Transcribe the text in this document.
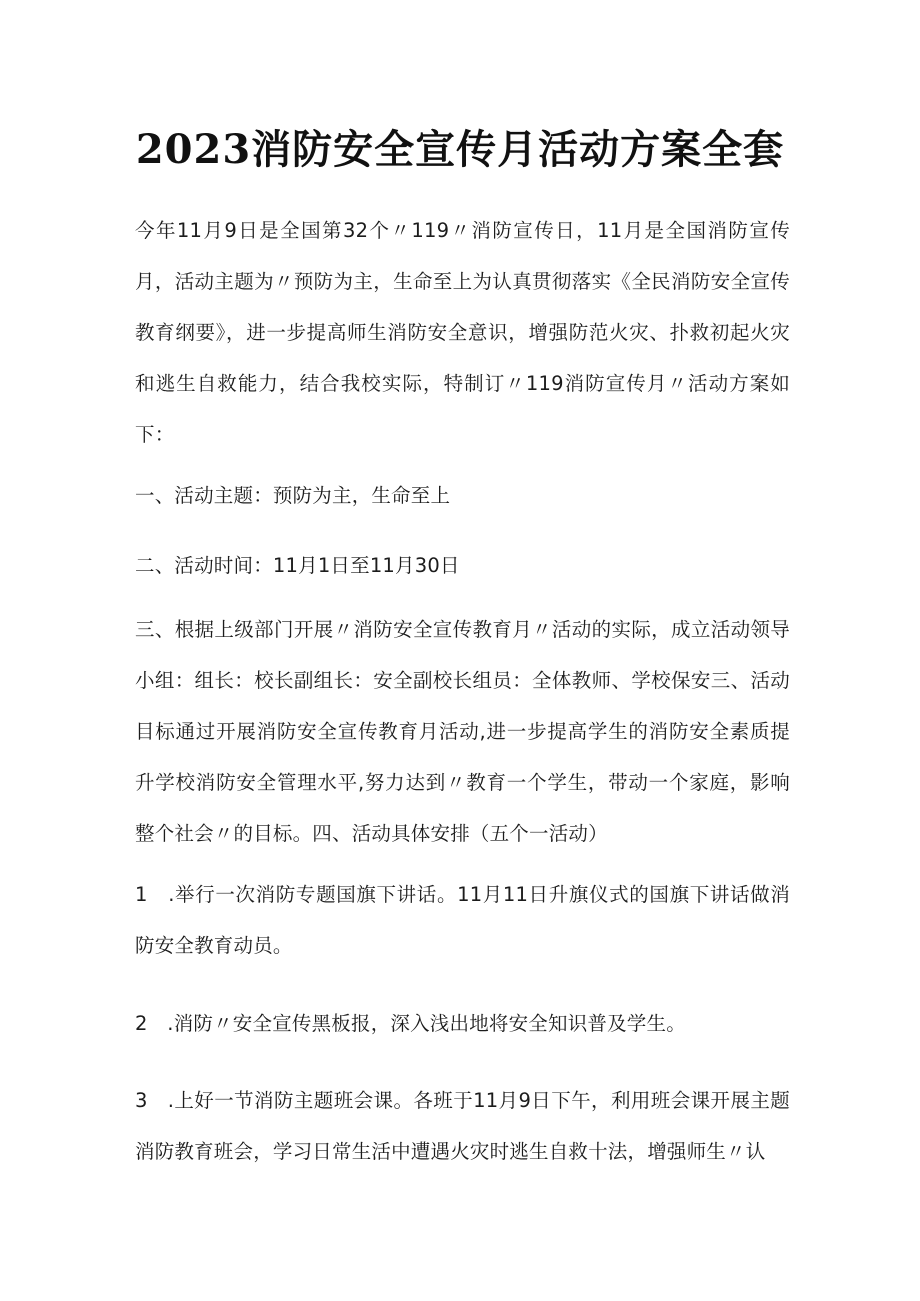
2023消防安全宣传月活动方案全套

今年11月9日是全国第32个〃119〃消防宣传日，11月是全国消防宣传月，活动主题为〃预防为主，生命至上为认真贯彻落实《全民消防安全宣传教育纲要》，进一步提高师生消防安全意识，增强防范火灾、扑救初起火灾和逃生自救能力，结合我校实际，特制订〃119消防宣传月〃活动方案如下：

一、活动主题：预防为主，生命至上

二、活动时间：11月1日至11月30日

三、根据上级部门开展〃消防安全宣传教育月〃活动的实际，成立活动领导小组：组长：校长副组长：安全副校长组员：全体教师、学校保安三、活动目标通过开展消防安全宣传教育月活动,进一步提高学生的消防安全素质提升学校消防安全管理水平,努力达到〃教育一个学生，带动一个家庭，影响整个社会〃的目标。四、活动具体安排（五个一活动）

1　.举行一次消防专题国旗下讲话。11月11日升旗仪式的国旗下讲话做消防安全教育动员。

2　.消防〃安全宣传黑板报，深入浅出地将安全知识普及学生。

3　.上好一节消防主题班会课。各班于11月9日下午，利用班会课开展主题消防教育班会，学习日常生活中遭遇火灾时逃生自救十法，增强师生〃认
